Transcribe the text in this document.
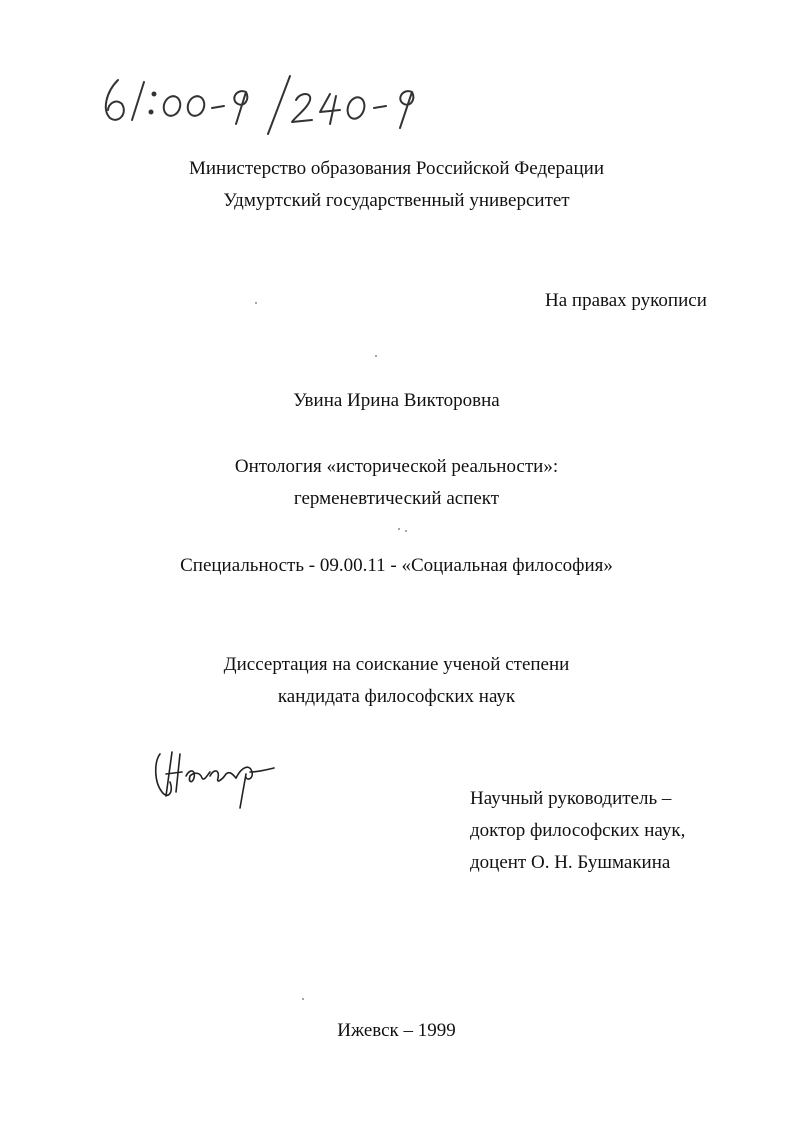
Министерство образования Российской Федерации
Удмуртский государственный университет
На правах рукописи
Увина Ирина Викторовна
Онтология «исторической реальности»:
герменевтический аспект
Специальность - 09.00.11 - «Социальная философия»
Диссертация на соискание ученой степени
кандидата философских наук
Научный руководитель –
доктор философских наук,
доцент О. Н. Бушмакина
Ижевск – 1999
